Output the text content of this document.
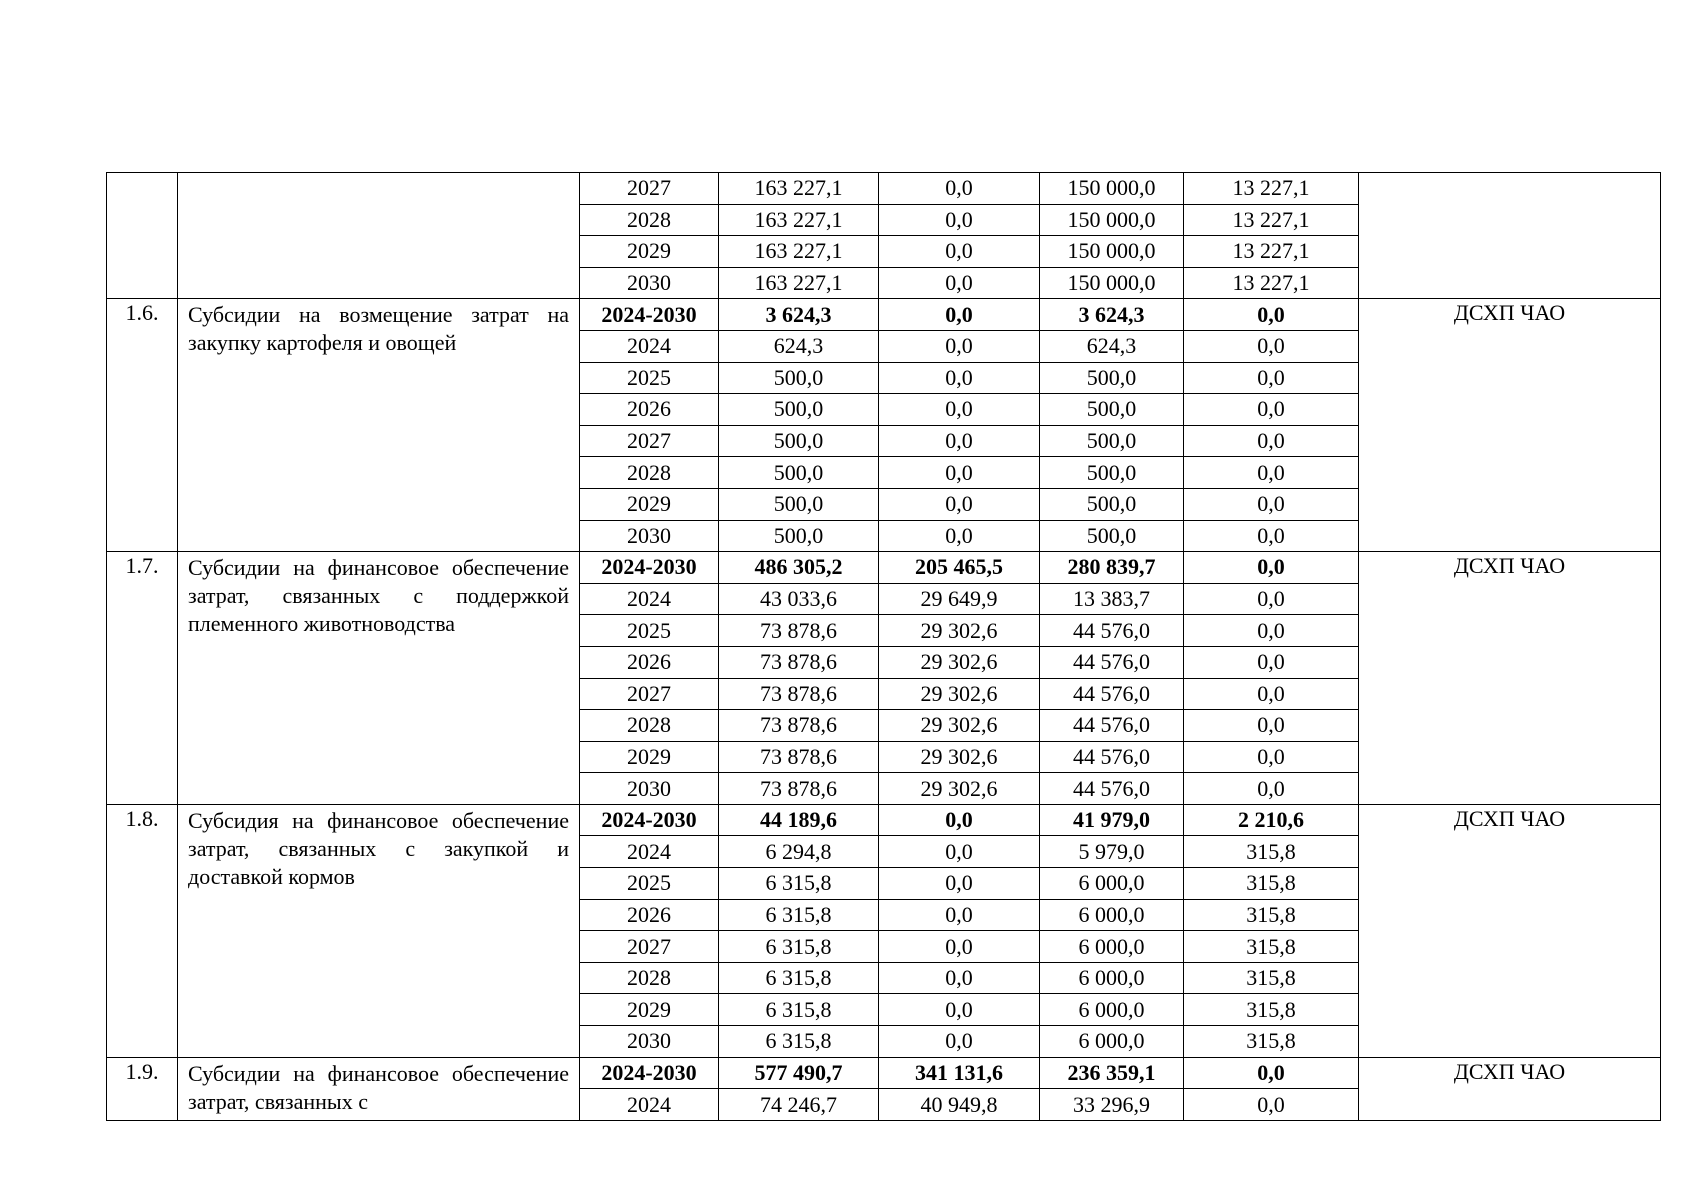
		2027	163 227,1	0,0	150 000,0	13 227,1	
		2028	163 227,1	0,0	150 000,0	13 227,1	
		2029	163 227,1	0,0	150 000,0	13 227,1	
		2030	163 227,1	0,0	150 000,0	13 227,1	
1.6.	Субсидии на возмещение затрат на закупку картофеля и овощей	2024-2030	3 624,3	0,0	3 624,3	0,0	ДСХП ЧАО
		2024	624,3	0,0	624,3	0,0	
		2025	500,0	0,0	500,0	0,0	
		2026	500,0	0,0	500,0	0,0	
		2027	500,0	0,0	500,0	0,0	
		2028	500,0	0,0	500,0	0,0	
		2029	500,0	0,0	500,0	0,0	
		2030	500,0	0,0	500,0	0,0	
1.7.	Субсидии на финансовое обеспечение затрат, связанных с поддержкой племенного животноводства	2024-2030	486 305,2	205 465,5	280 839,7	0,0	ДСХП ЧАО
		2024	43 033,6	29 649,9	13 383,7	0,0	
		2025	73 878,6	29 302,6	44 576,0	0,0	
		2026	73 878,6	29 302,6	44 576,0	0,0	
		2027	73 878,6	29 302,6	44 576,0	0,0	
		2028	73 878,6	29 302,6	44 576,0	0,0	
		2029	73 878,6	29 302,6	44 576,0	0,0	
		2030	73 878,6	29 302,6	44 576,0	0,0	
1.8.	Субсидия на финансовое обеспечение затрат, связанных с закупкой и доставкой кормов	2024-2030	44 189,6	0,0	41 979,0	2 210,6	ДСХП ЧАО
		2024	6 294,8	0,0	5 979,0	315,8	
		2025	6 315,8	0,0	6 000,0	315,8	
		2026	6 315,8	0,0	6 000,0	315,8	
		2027	6 315,8	0,0	6 000,0	315,8	
		2028	6 315,8	0,0	6 000,0	315,8	
		2029	6 315,8	0,0	6 000,0	315,8	
		2030	6 315,8	0,0	6 000,0	315,8	
1.9.	Субсидии на финансовое обеспечение затрат, связанных с	2024-2030	577 490,7	341 131,6	236 359,1	0,0	ДСХП ЧАО
		2024	74 246,7	40 949,8	33 296,9	0,0	
